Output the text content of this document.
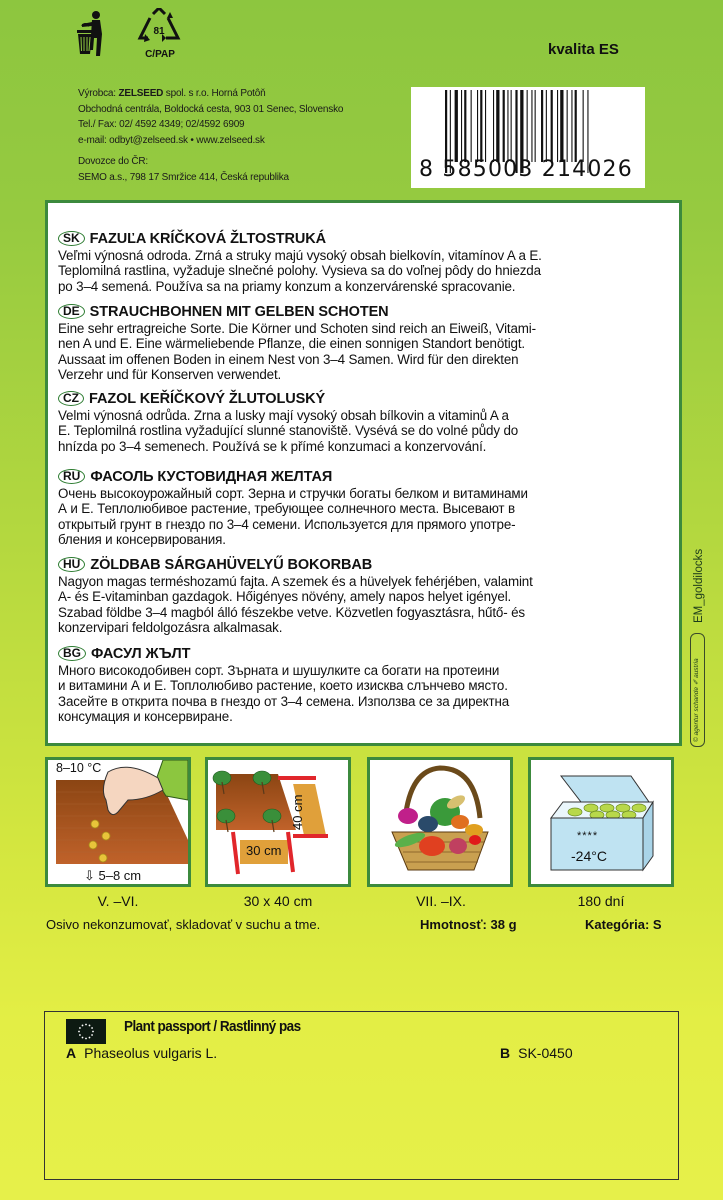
81
C/PAP	kvalita ES
Výrobca: ZELSEED spol. s r.o. Horná Potôň
Obchodná centrála, Boldocká cesta, 903 01 Senec, Slovensko
Tel./ Fax: 02/ 4592 4349; 02/4592 6909
e-mail: odbyt@zelseed.sk • www.zelseed.sk
Dovozce do ČR:
SEMO a.s., 798 17 Smržice 414, Česká republika	8 585003 214026
SK FAZUĽA KRÍČKOVÁ ŽLTOSTRUKÁ
Veľmi výnosná odroda. Zrná a struky majú vysoký obsah bielkovín, vitamínov A a E.
Teplomilná rastlina, vyžaduje slnečné polohy. Vysieva sa do voľnej pôdy do hniezda
po 3–4 semená. Používa sa na priamy konzum a konzervárenské spracovanie.
DE STRAUCHBOHNEN MIT GELBEN SCHOTEN
Eine sehr ertragreiche Sorte. Die Körner und Schoten sind reich an Eiweiß, Vitami-
nen A und E. Eine wärmeliebende Pflanze, die einen sonnigen Standort benötigt.
Aussaat im offenen Boden in einem Nest von 3–4 Samen. Wird für den direkten
Verzehr und für Konserven verwendet.
CZ FAZOL KEŘÍČKOVÝ ŽLUTOLUSKÝ
Velmi výnosná odrůda. Zrna a lusky mají vysoký obsah bílkovin a vitaminů A a
E. Teplomilná rostlina vyžadující slunné stanoviště. Vysévá se do volné půdy do
hnízda po 3–4 semenech. Používá se k přímé konzumaci a konzervování.
RU ФАСОЛЬ КУСТОВИДНАЯ ЖЕЛТАЯ
Очень высокоурожайный сорт. Зерна и стручки богаты белком и витаминами
А и Е. Теплолюбивое растение, требующее солнечного места. Высевают в
открытый грунт в гнездо по 3–4 семени. Используется для прямого употре-
бления и консервирования.
HU ZÖLDBAB SÁRGAHÜVELYŰ BOKORBAB
Nagyon magas terméshozamú fajta. A szemek és a hüvelyek fehérjében, valamint
A- és E-vitaminban gazdagok. Hőigényes növény, amely napos helyet igényel.
Szabad földbe 3–4 magból álló fészekbe vetve. Közvetlen fogyasztásra, hűtő- és
konzervipari feldolgozásra alkalmasak.
BG ФАСУЛ ЖЪЛТ
Много високодобивен сорт. Зърната и шушулките са богати на протеини
и витамини А и Е. Топлолюбиво растение, което изисква слънчево място.
Засейте в открита почва в гнездо от 3–4 семена. Използва се за директна
консумация и консервиране.
EM_goldilocks
© agentur schande ✐ austria
8–10 °C
⇩ 5–8 cm
30 cm
40 cm
****
-24°C
V. –VI.	30 x 40 cm	VII. –IX.	180 dní
Osivo nekonzumovať, skladovať v suchu a tme.	Hmotnosť: 38 g	Kategória: S
Plant passport / Rastlinný pas
A Phaseolus vulgaris L.	B SK-0450
